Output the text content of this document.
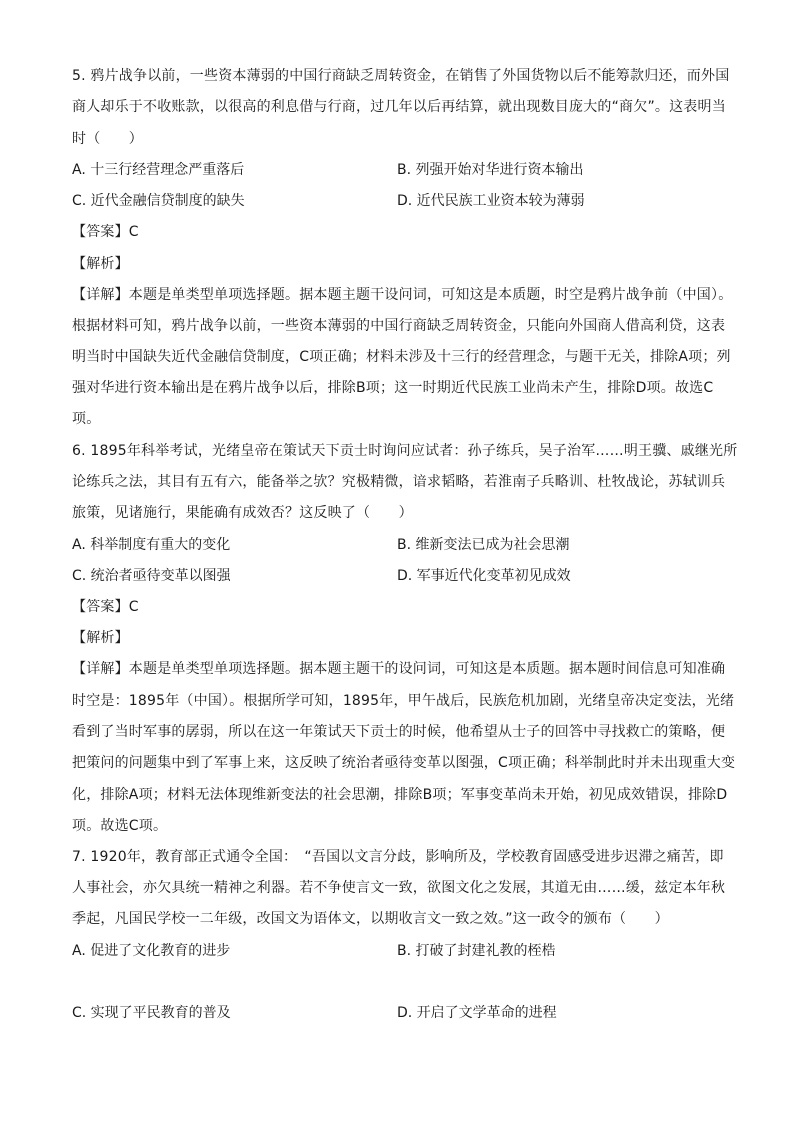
5. 鸦片战争以前，一些资本薄弱的中国行商缺乏周转资金，在销售了外国货物以后不能筹款归还，而外国
商人却乐于不收账款，以很高的利息借与行商，过几年以后再结算，就出现数目庞大的“商欠”。这表明当
时（　　）
A. 十三行经营理念严重落后	B. 列强开始对华进行资本输出
C. 近代金融信贷制度的缺失	D. 近代民族工业资本较为薄弱
【答案】C
【解析】
【详解】本题是单类型单项选择题。据本题主题干设问词，可知这是本质题，时空是鸦片战争前（中国）。
根据材料可知，鸦片战争以前，一些资本薄弱的中国行商缺乏周转资金，只能向外国商人借高利贷，这表
明当时中国缺失近代金融信贷制度，C项正确；材料未涉及十三行的经营理念，与题干无关，排除A项；列
强对华进行资本输出是在鸦片战争以后，排除B项；这一时期近代民族工业尚未产生，排除D项。故选C
项。
6. 1895年科举考试，光绪皇帝在策试天下贡士时询问应试者：孙子练兵，吴子治军……明王骥、戚继光所
论练兵之法，其目有五有六，能备举之欤？究极精微，谙求韬略，若淮南子兵略训、杜牧战论，苏轼训兵
旅策，见诸施行，果能确有成效否？这反映了（　　）
A. 科举制度有重大的变化	B. 维新变法已成为社会思潮
C. 统治者亟待变革以图强	D. 军事近代化变革初见成效
【答案】C
【解析】
【详解】本题是单类型单项选择题。据本题主题干的设问词，可知这是本质题。据本题时间信息可知准确
时空是：1895年（中国）。根据所学可知，1895年，甲午战后，民族危机加剧，光绪皇帝决定变法，光绪
看到了当时军事的孱弱，所以在这一年策试天下贡士的时候，他希望从士子的回答中寻找救亡的策略，便
把策问的问题集中到了军事上来，这反映了统治者亟待变革以图强，C项正确；科举制此时并未出现重大变
化，排除A项；材料无法体现维新变法的社会思潮，排除B项；军事变革尚未开始，初见成效错误，排除D
项。故选C项。
7. 1920年，教育部正式通令全国：　“吾国以文言分歧，影响所及，学校教育固感受进步迟滞之痛苦，即
人事社会，亦欠具统一精神之利器。若不争使言文一致，欲图文化之发展，其道无由……缓，兹定本年秋
季起，凡国民学校一二年级，改国文为语体文，以期收言文一致之效。”这一政令的颁布（　　）
A. 促进了文化教育的进步	B. 打破了封建礼教的桎梏
C. 实现了平民教育的普及	D. 开启了文学革命的进程
